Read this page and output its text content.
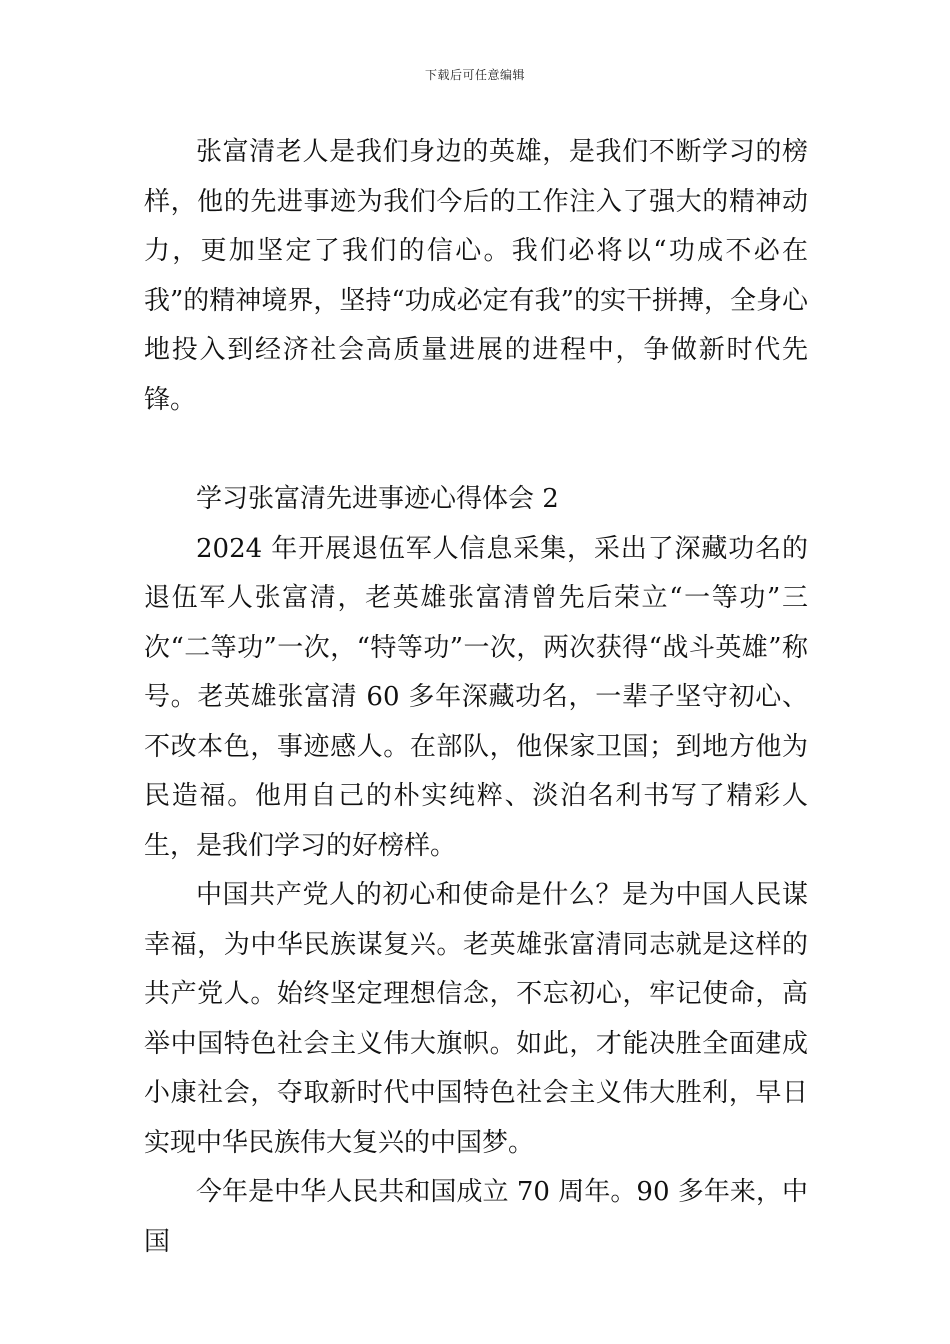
下载后可任意编辑

张富清老人是我们身边的英雄，是我们不断学习的榜样，他的先进事迹为我们今后的工作注入了强大的精神动力，更加坚定了我们的信心。我们必将以“功成不必在我”的精神境界，坚持“功成必定有我”的实干拼搏，全身心地投入到经济社会高质量进展的进程中，争做新时代先锋。

学习张富清先进事迹心得体会 2

2024 年开展退伍军人信息采集，采出了深藏功名的退伍军人张富清，老英雄张富清曾先后荣立“一等功”三次“二等功”一次，“特等功”一次，两次获得“战斗英雄”称号。老英雄张富清 60 多年深藏功名，一辈子坚守初心、不改本色，事迹感人。在部队，他保家卫国；到地方他为民造福。他用自己的朴实纯粹、淡泊名利书写了精彩人生，是我们学习的好榜样。

中国共产党人的初心和使命是什么？是为中国人民谋幸福，为中华民族谋复兴。老英雄张富清同志就是这样的共产党人。始终坚定理想信念，不忘初心，牢记使命，高举中国特色社会主义伟大旗帜。如此，才能决胜全面建成小康社会，夺取新时代中国特色社会主义伟大胜利，早日实现中华民族伟大复兴的中国梦。

今年是中华人民共和国成立 70 周年。90 多年来，中国
